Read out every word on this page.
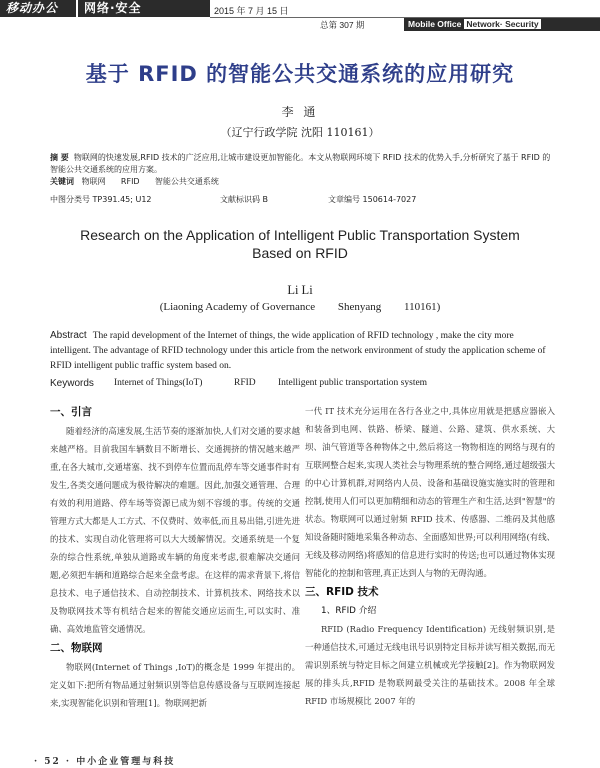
移动办公 网络·安全	2015 年 7 月 15 日
总第 307 期	Mobile Office Network· Security
基于 RFID 的智能公共交通系统的应用研究
李 通
（辽宁行政学院 沈阳 110161）
摘 要 物联网的快速发展,RFID 技术的广泛应用,让城市建设更加智能化。本文从物联网环境下 RFID 技术的优势入手,分析研究了基于 RFID 的智能公共交通系统的应用方案。
关键词 物联网 RFID 智能公共交通系统
中图分类号 TP391.45; U12	文献标识码 B	文章编号 150614-7027
Research on the Application of Intelligent Public Transportation System Based on RFID
Li Li
(Liaoning Academy of Governance Shenyang 110161)
Abstract The rapid development of the Internet of things, the wide application of RFID technology , make the city more intelligent. The advantage of RFID technology under this article from the network environment of study the application scheme of RFID intelligent public traffic system based on.
Keywords Internet of Things(IoT)	RFID Intelligent public transportation system
一、引言

随着经济的高速发展,生活节奏的逐渐加快,人们对交通的要求越来越严格。目前我国车辆数目不断增长、交通拥挤的情况越来越严重,在各大城市,交通堵塞、找不到停车位置而乱停车等交通事件时有发生,各类交通问题成为极待解决的难题。因此,加强交通管理、合理有效的利用道路、停车场等资源已成为刻不容缓的事。传统的交通管理方式大都是人工方式、不仅费时、效率低,而且易出错,引进先进的技术、实现自动化管理将可以大大缓解情况。交通系统是一个复杂的综合性系统,单独从道路或车辆的角度来考虑,很难解决交通问题,必须把车辆和道路综合起来全盘考虑。在这样的需求背景下,将信息技术、电子通信技术、自动控制技术、计算机技术、网络技术以及物联网技术等有机结合起来的智能交通应运而生,可以实时、准确、高效地监管交通情况。

二、物联网

物联网(Internet of Things ,IoT)的概念是 1999 年提出的。定义如下:把所有物品通过射频识别等信息传感设备与互联网连接起来,实现智能化识别和管理[1]。物联网把新

一代 IT 技术充分运用在各行各业之中,具体应用就是把感应器嵌入和装备到电网、铁路、桥梁、隧道、公路、建筑、供水系统、大坝、油气管道等各种物体之中,然后将这一物物相连的网络与现有的互联网整合起来,实现人类社会与物理系统的整合网络,通过超级强大的中心计算机群,对网络内人员、设备和基础设施实施实时的管理和控制,使用人们可以更加精细和动态的管理生产和生活,达到"智慧"的状态。物联网可以通过射频 RFID 技术、传感器、二维码及其他感知设备随时随地采集各种动态、全面感知世界;可以利用网络(有线、无线及移动网络)将感知的信息进行实时的传送;也可以通过物体实现智能化的控制和管理,真正达到人与物的无碍沟通。

三、RFID 技术
1、RFID 介绍

RFID (Radio Frequency Identification) 无线射频识别,是一种通信技术,可通过无线电讯号识别特定目标并读写相关数据,而无需识别系统与特定目标之间建立机械或光学接触[2]。作为物联网发展的排头兵,RFID 是物联网最受关注的基础技术。2008 年全球 RFID 市场规模比 2007 年的

· 52 · 中小企业管理与科技
